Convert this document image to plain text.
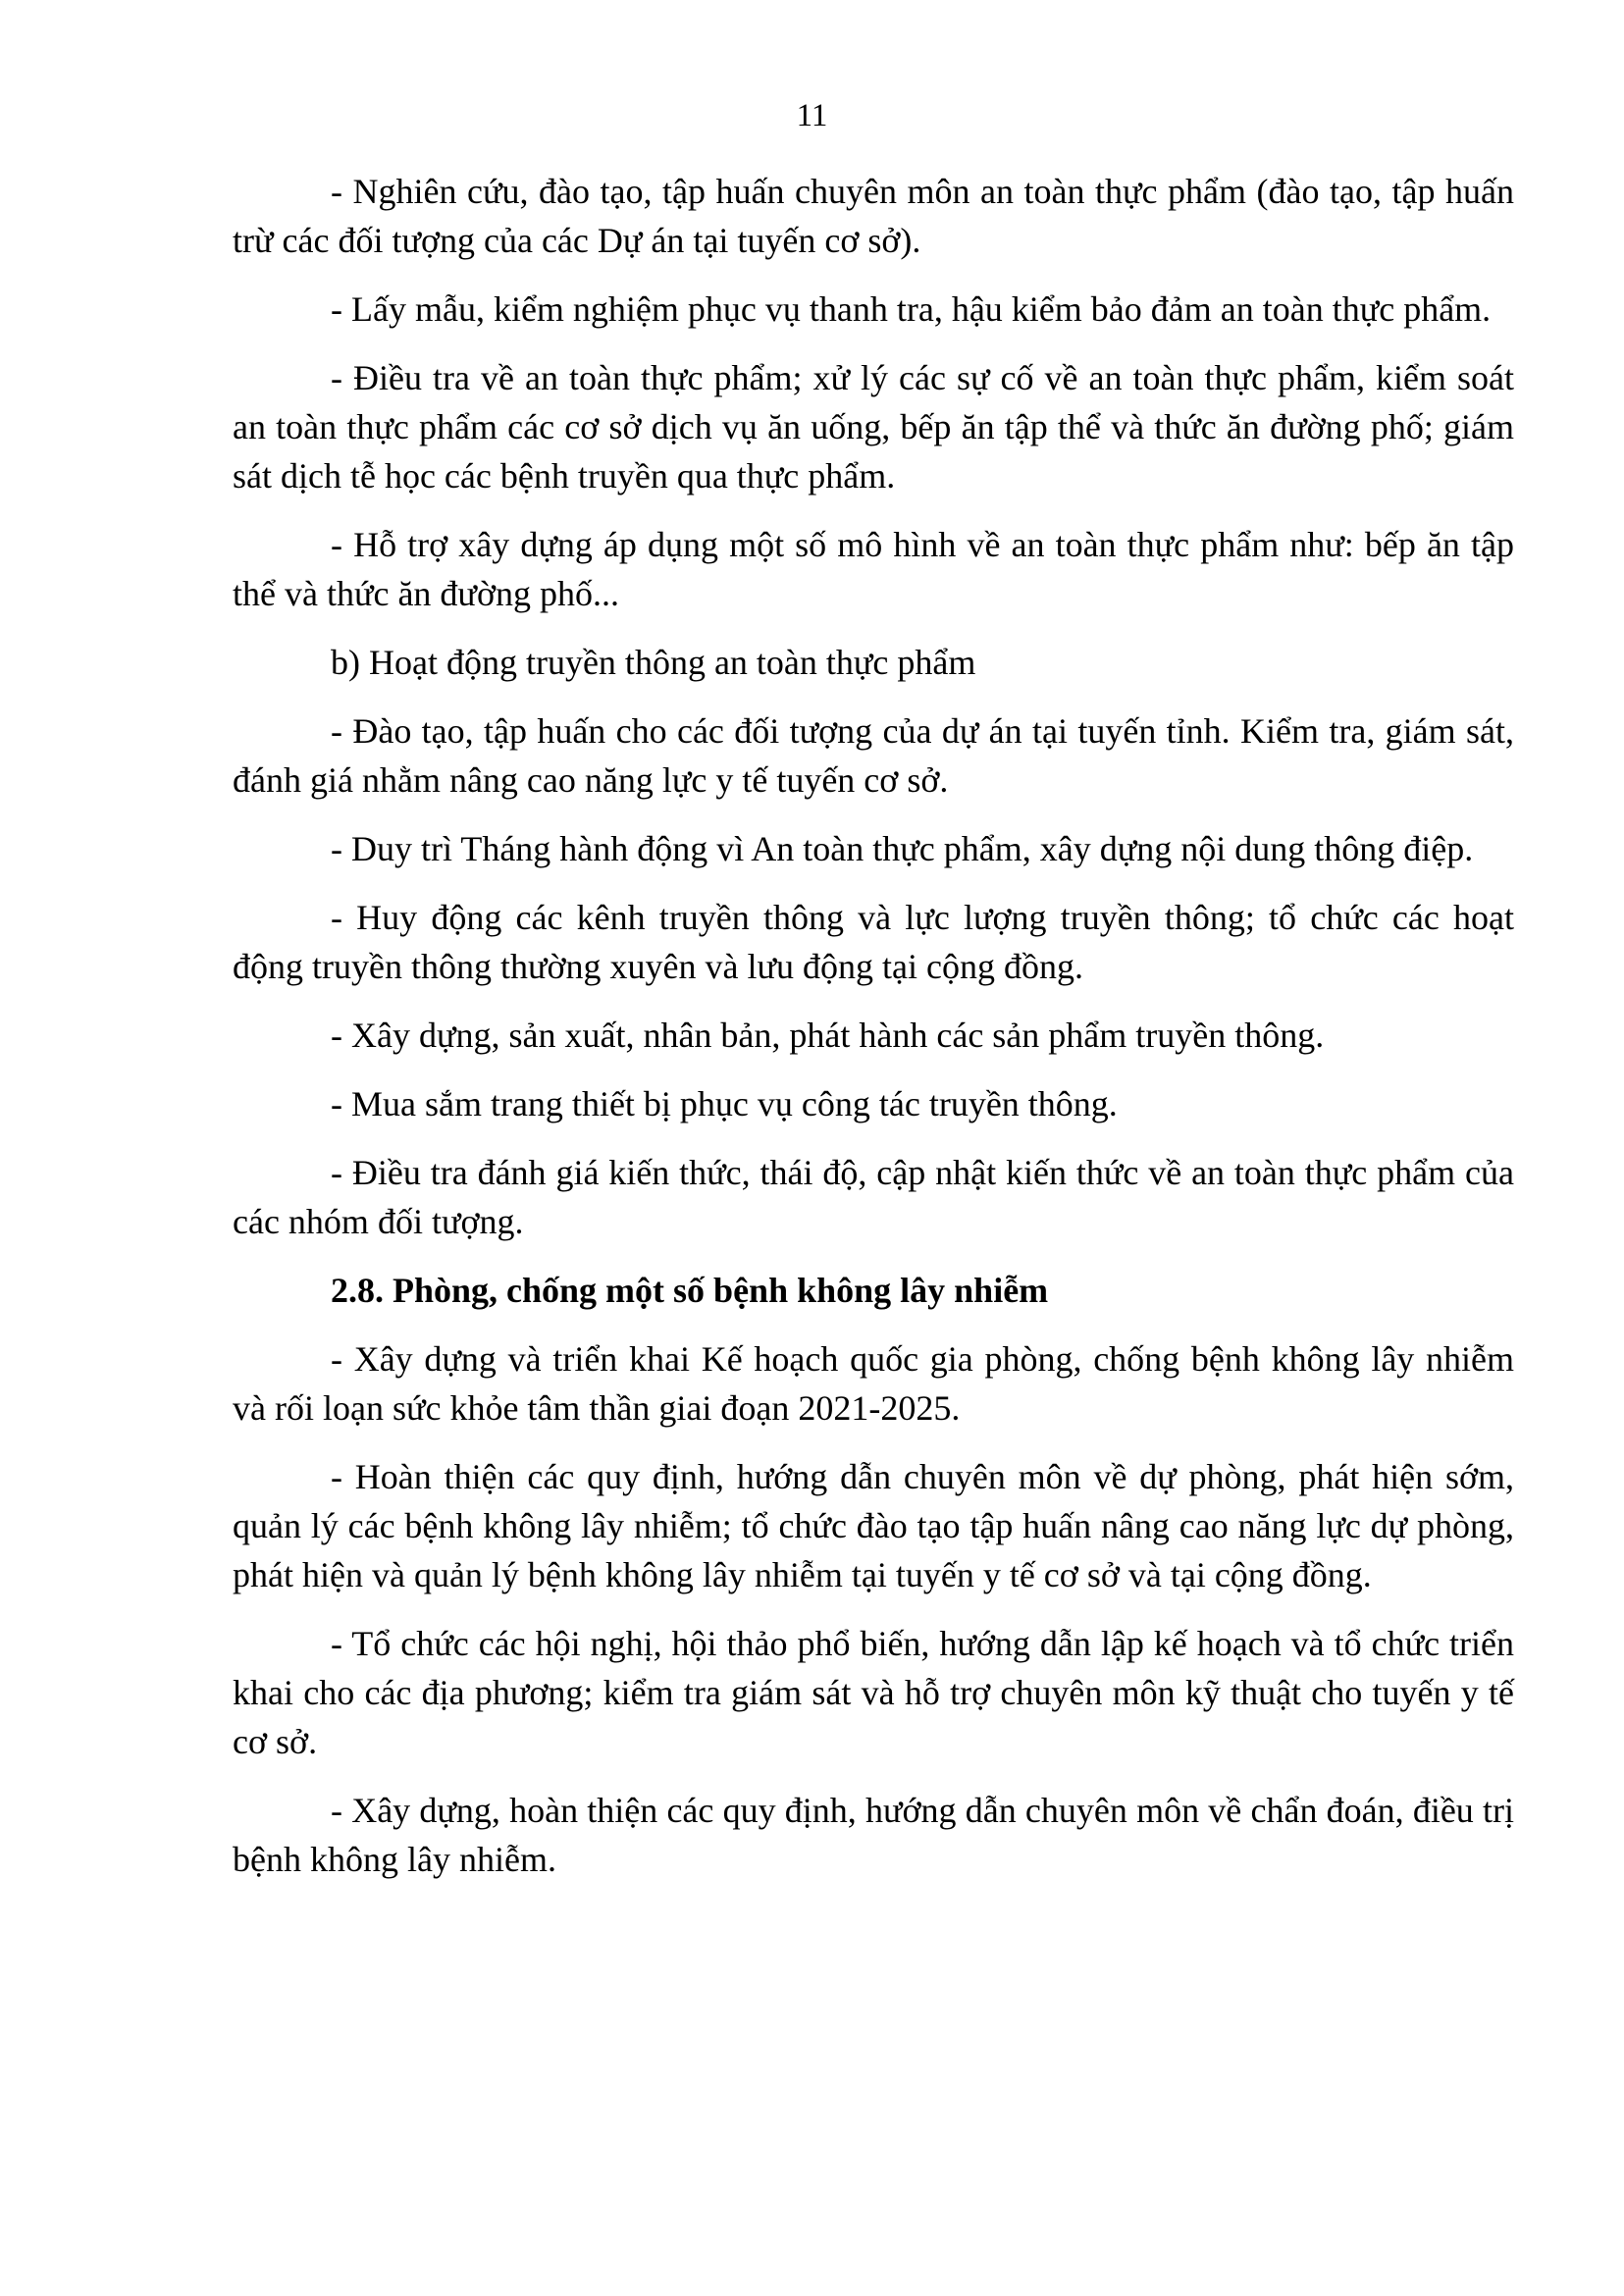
11

- Nghiên cứu, đào tạo, tập huấn chuyên môn an toàn thực phẩm (đào tạo, tập huấn trừ các đối tượng của các Dự án tại tuyến cơ sở).

- Lấy mẫu, kiểm nghiệm phục vụ thanh tra, hậu kiểm bảo đảm an toàn thực phẩm.

- Điều tra về an toàn thực phẩm; xử lý các sự cố về an toàn thực phẩm, kiểm soát an toàn thực phẩm các cơ sở dịch vụ ăn uống, bếp ăn tập thể và thức ăn đường phố; giám sát dịch tễ học các bệnh truyền qua thực phẩm.

- Hỗ trợ xây dựng áp dụng một số mô hình về an toàn thực phẩm như: bếp ăn tập thể và thức ăn đường phố...

b) Hoạt động truyền thông an toàn thực phẩm

- Đào tạo, tập huấn cho các đối tượng của dự án tại tuyến tỉnh. Kiểm tra, giám sát, đánh giá nhằm nâng cao năng lực y tế tuyến cơ sở.

- Duy trì Tháng hành động vì An toàn thực phẩm, xây dựng nội dung thông điệp.

- Huy động các kênh truyền thông và lực lượng truyền thông; tổ chức các hoạt động truyền thông thường xuyên và lưu động tại cộng đồng.

- Xây dựng, sản xuất, nhân bản, phát hành các sản phẩm truyền thông.

- Mua sắm trang thiết bị phục vụ công tác truyền thông.

- Điều tra đánh giá kiến thức, thái độ, cập nhật kiến thức về an toàn thực phẩm của các nhóm đối tượng.

2.8. Phòng, chống một số bệnh không lây nhiễm

- Xây dựng và triển khai Kế hoạch quốc gia phòng, chống bệnh không lây nhiễm và rối loạn sức khỏe tâm thần giai đoạn 2021-2025.

- Hoàn thiện các quy định, hướng dẫn chuyên môn về dự phòng, phát hiện sớm, quản lý các bệnh không lây nhiễm; tổ chức đào tạo tập huấn nâng cao năng lực dự phòng, phát hiện và quản lý bệnh không lây nhiễm tại tuyến y tế cơ sở và tại cộng đồng.

- Tổ chức các hội nghị, hội thảo phổ biến, hướng dẫn lập kế hoạch và tổ chức triển khai cho các địa phương; kiểm tra giám sát và hỗ trợ chuyên môn kỹ thuật cho tuyến y tế cơ sở.

- Xây dựng, hoàn thiện các quy định, hướng dẫn chuyên môn về chẩn đoán, điều trị bệnh không lây nhiễm.
